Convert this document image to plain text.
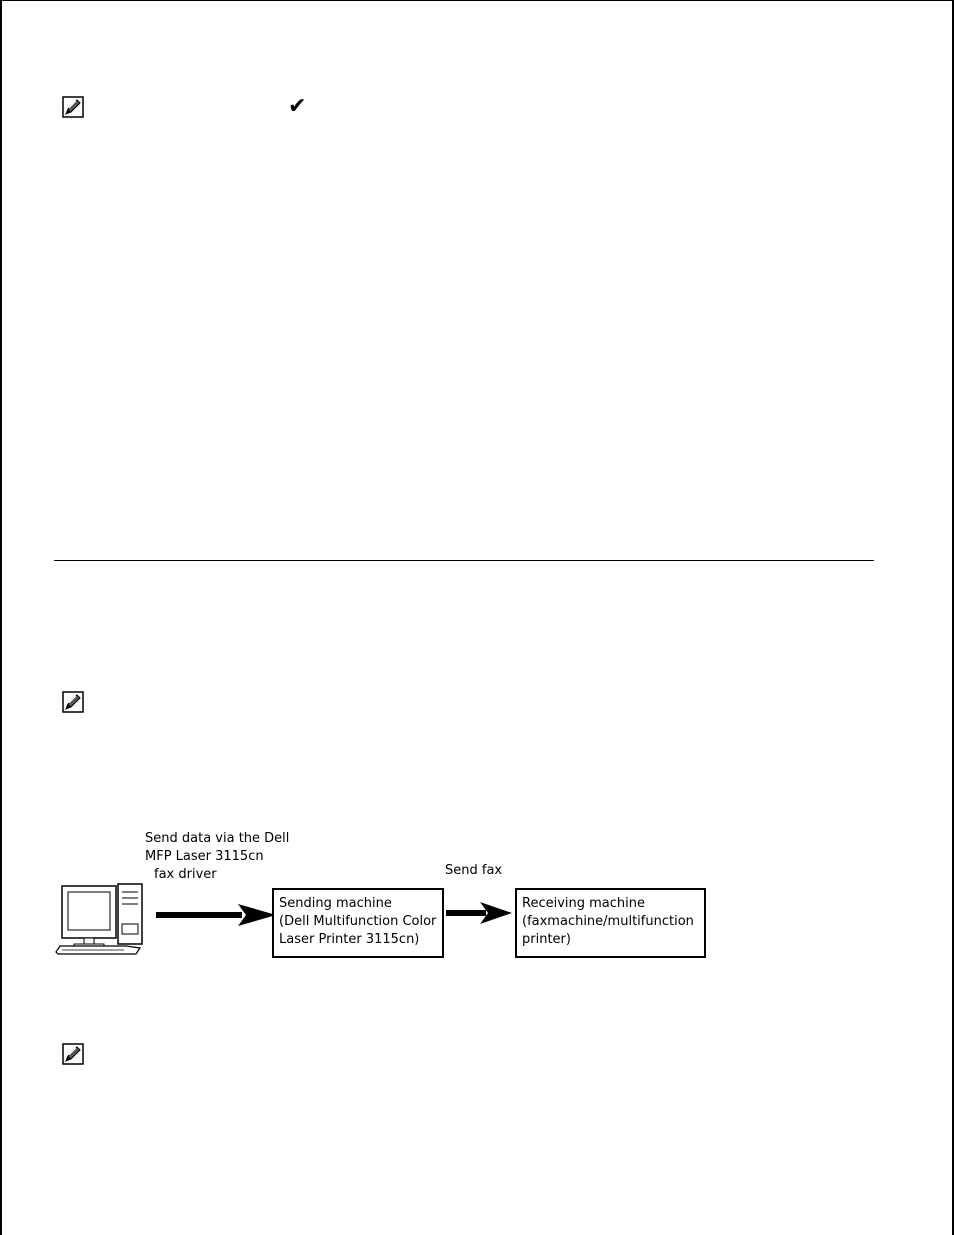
✔
Send data via the Dell
MFP Laser 3115cn
fax driver
Sending machine
(Dell Multifunction Color
Laser Printer 3115cn)
Send fax
Receiving machine
(faxmachine/multifunction
printer)
